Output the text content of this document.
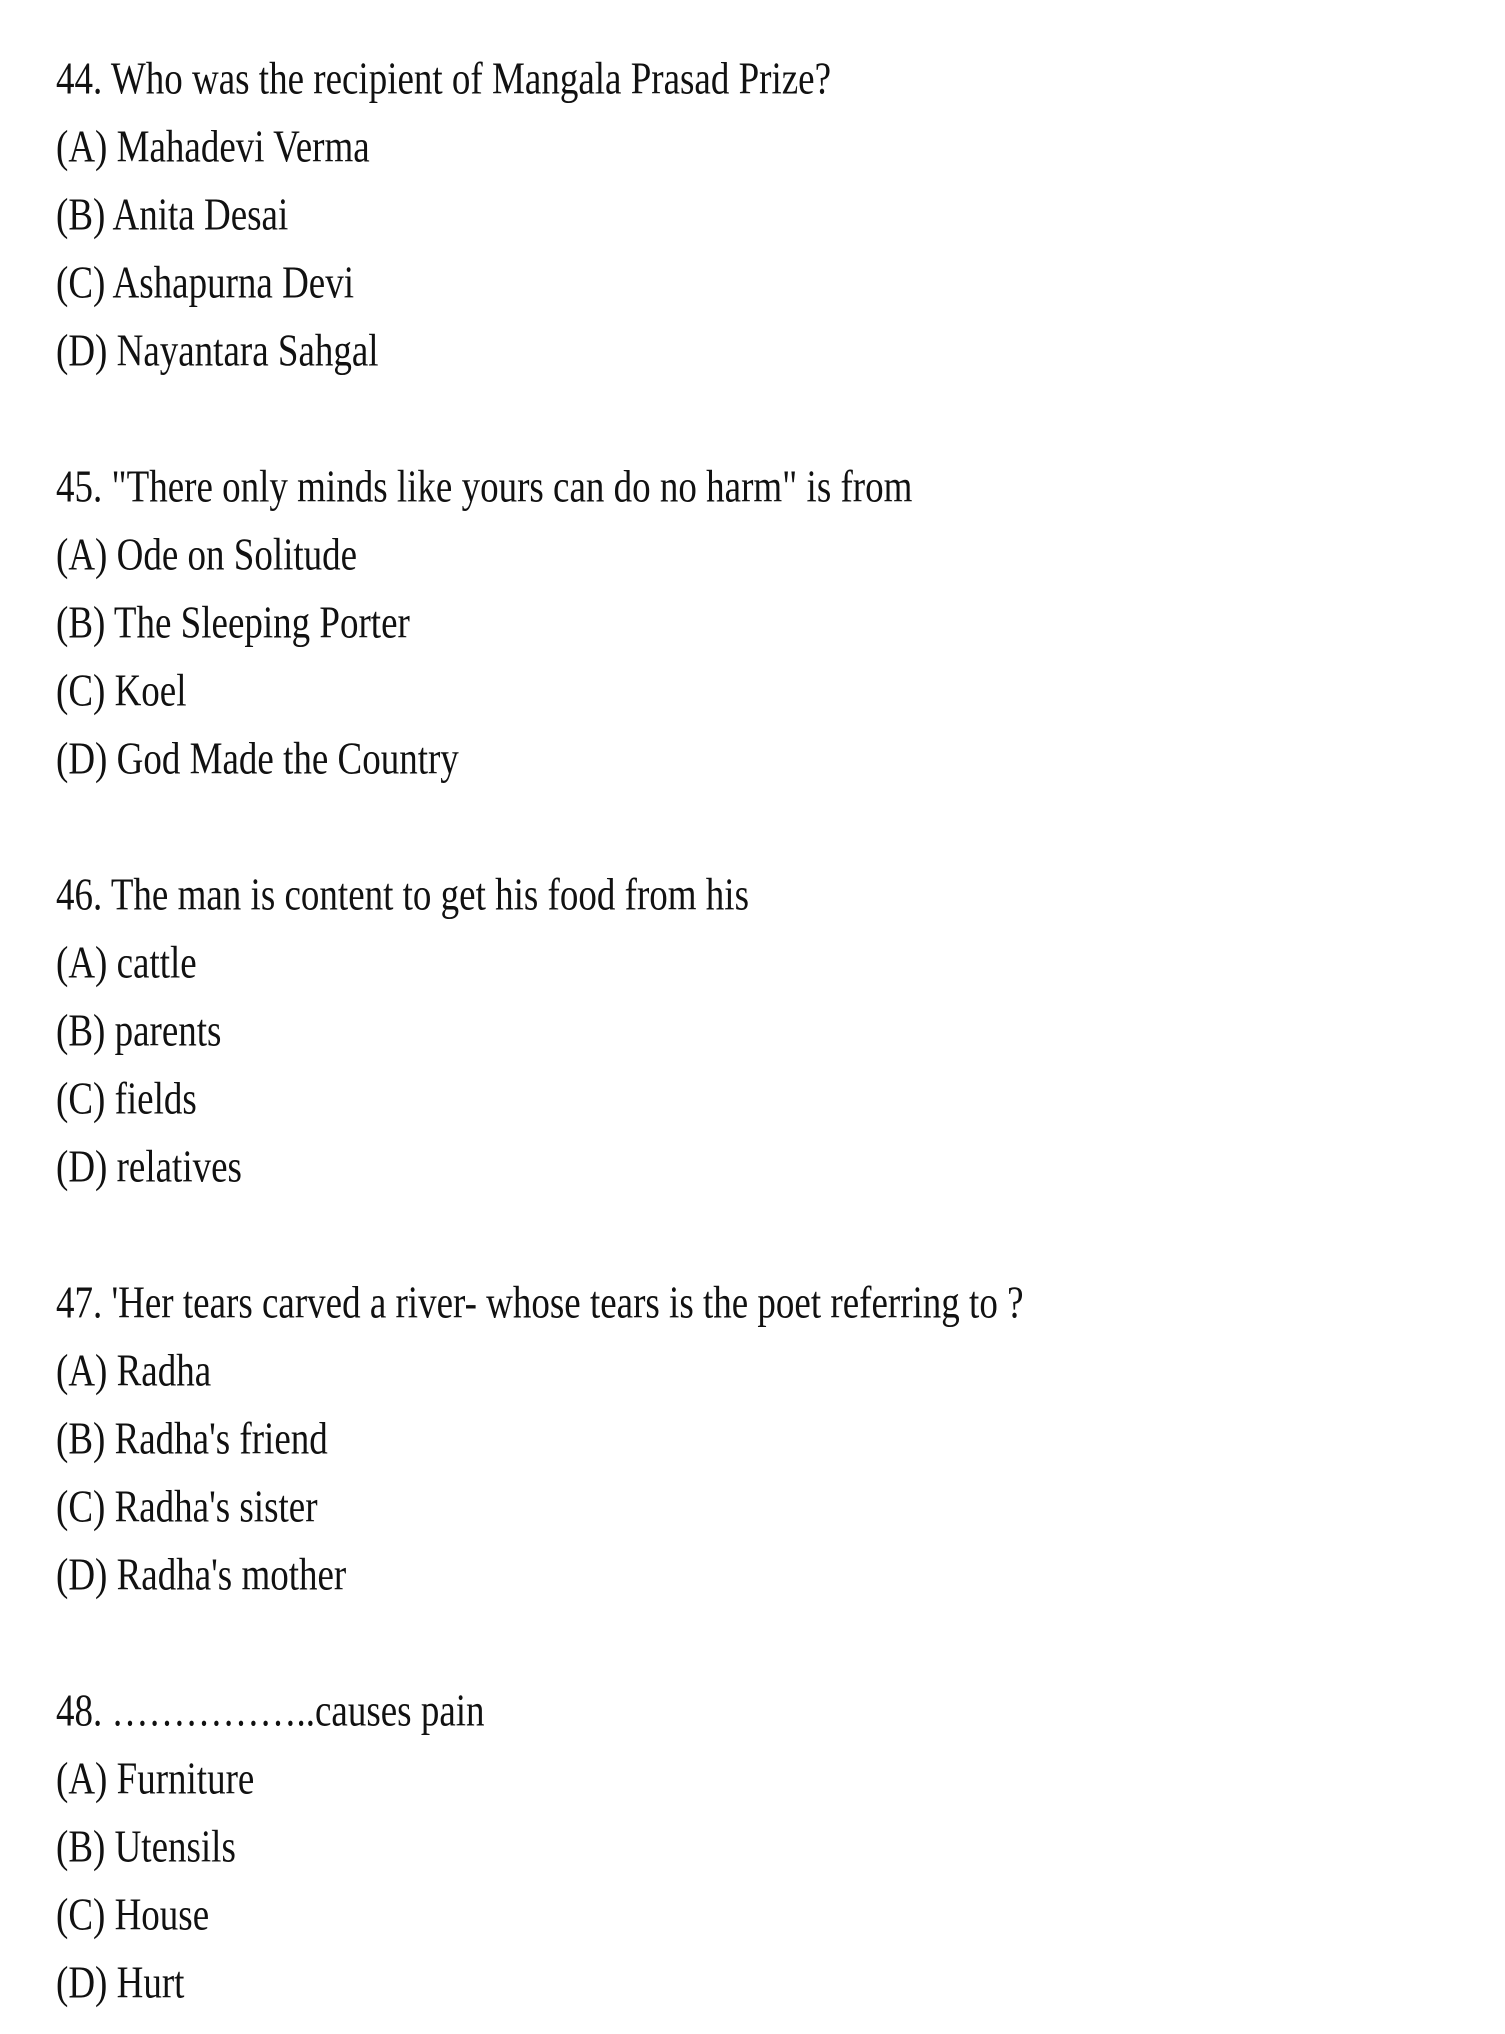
44. Who was the recipient of Mangala Prasad Prize?
(A) Mahadevi Verma
(B) Anita Desai
(C) Ashapurna Devi
(D) Nayantara Sahgal
45. "There only minds like yours can do no harm" is from
(A) Ode on Solitude
(B) The Sleeping Porter
(C) Koel
(D) God Made the Country
46. The man is content to get his food from his
(A) cattle
(B) parents
(C) fields
(D) relatives
47. 'Her tears carved a river- whose tears is the poet referring to ?
(A) Radha
(B) Radha's friend
(C) Radha's sister
(D) Radha's mother
48. ……………..causes pain
(A) Furniture
(B) Utensils
(C) House
(D) Hurt
